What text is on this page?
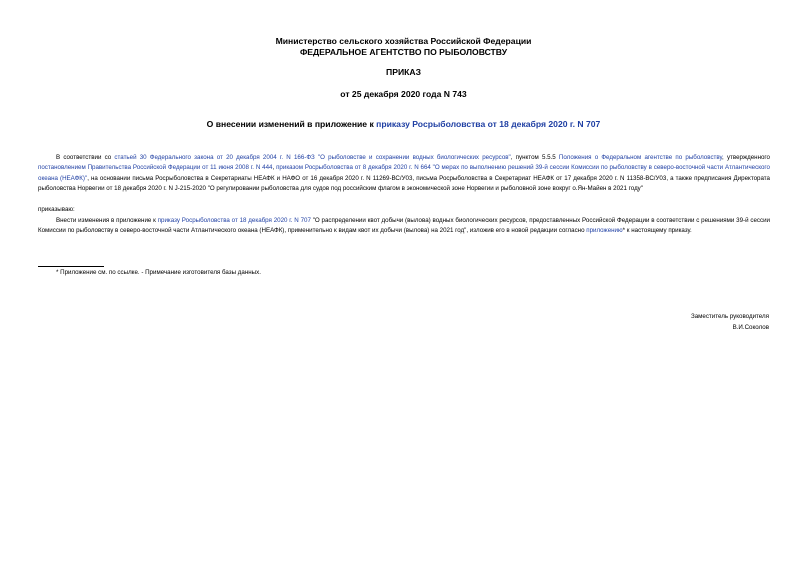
Министерство сельского хозяйства Российской Федерации
ФЕДЕРАЛЬНОЕ АГЕНТСТВО ПО РЫБОЛОВСТВУ
ПРИКАЗ
от 25 декабря 2020 года N 743
О внесении изменений в приложение к приказу Росрыболовства от 18 декабря 2020 г. N 707

В соответствии со статьей 30 Федерального закона от 20 декабря 2004 г. N 166-ФЗ "О рыболовстве и сохранении водных биологических ресурсов", пунктом 5.5.5 Положения о Федеральном агентстве по рыболовству, утвержденного постановлением Правительства Российской Федерации от 11 июня 2008 г. N 444, приказом Росрыболовства от 8 декабря 2020 г. N 664 "О мерах по выполнению решений 39-й сессии Комиссии по рыболовству в северо-восточной части Атлантического океана (НЕАФК)", на основании письма Росрыболовства в Секретариаты НЕАФК и НАФО от 16 декабря 2020 г. N 11269-ВС/У03, письма Росрыболовства в Секретариат НЕАФК от 17 декабря 2020 г. N 11358-ВС/У03, а также предписания Директората рыболовства Норвегии от 18 декабря 2020 г. N J-215-2020 "О регулировании рыболовства для судов под российским флагом в экономической зоне Норвегии и рыболовной зоне вокруг о.Ян-Майен в 2021 году"

приказываю:

Внести изменения в приложение к приказу Росрыболовства от 18 декабря 2020 г. N 707 "О распределении квот добычи (вылова) водных биологических ресурсов, предоставленных Российской Федерации в соответствии с решениями 39-й сессии Комиссии по рыболовству в северо-восточной части Атлантического океана (НЕАФК), применительно к видам квот их добычи (вылова) на 2021 год", изложив его в новой редакции согласно приложению* к настоящему приказу.

* Приложение см. по ссылке. - Примечание изготовителя базы данных.
Заместитель руководителя
В.И.Соколов
